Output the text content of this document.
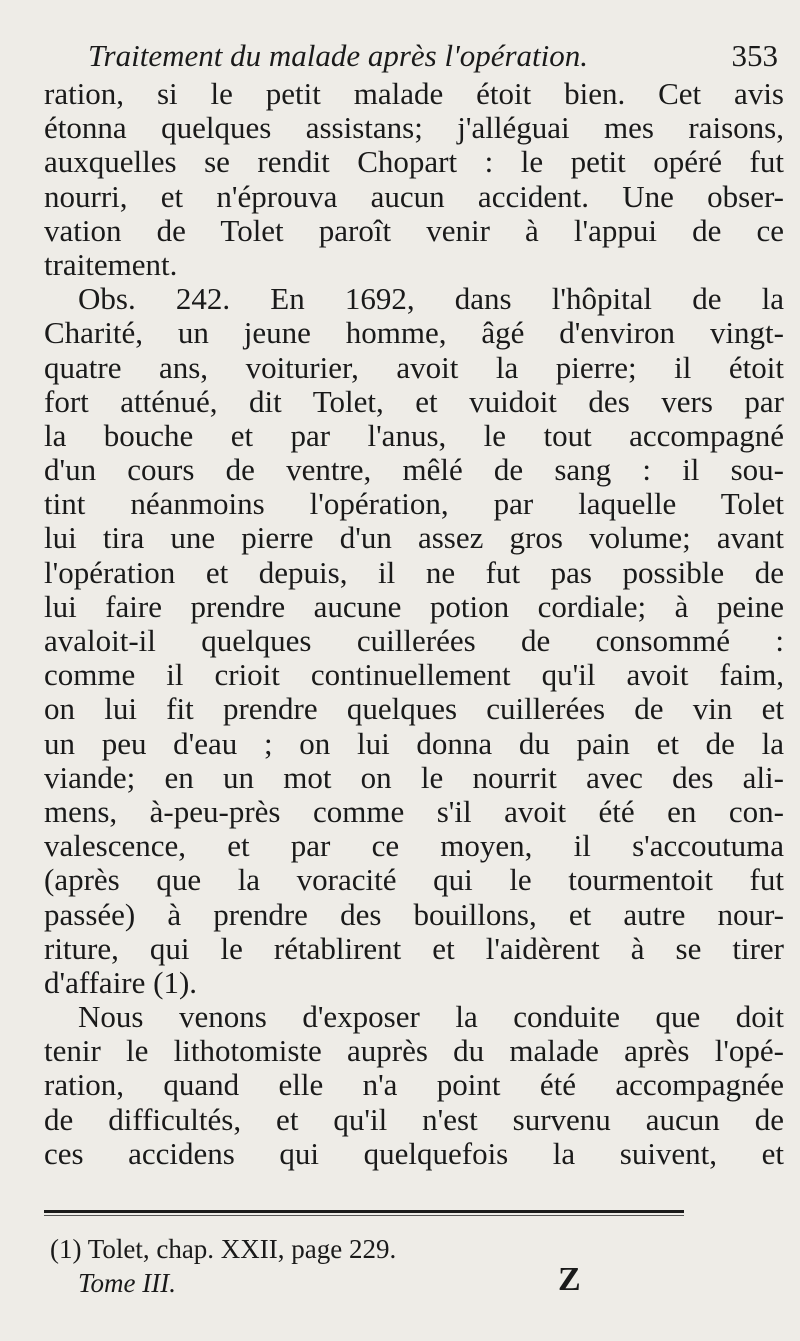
Traitement du malade après l'opération.	353
ration, si le petit malade étoit bien. Cet avis
étonna quelques assistans; j'alléguai mes raisons,
auxquelles se rendit Chopart : le petit opéré fut
nourri, et n'éprouva aucun accident. Une obser-
vation de Tolet paroît venir à l'appui de ce
traitement.
Obs. 242. En 1692, dans l'hôpital de la
Charité, un jeune homme, âgé d'environ vingt-
quatre ans, voiturier, avoit la pierre; il étoit
fort atténué, dit Tolet, et vuidoit des vers par
la bouche et par l'anus, le tout accompagné
d'un cours de ventre, mêlé de sang : il sou-
tint néanmoins l'opération, par laquelle Tolet
lui tira une pierre d'un assez gros volume; avant
l'opération et depuis, il ne fut pas possible de
lui faire prendre aucune potion cordiale; à peine
avaloit-il quelques cuillerées de consommé :
comme il crioit continuellement qu'il avoit faim,
on lui fit prendre quelques cuillerées de vin et
un peu d'eau ; on lui donna du pain et de la
viande; en un mot on le nourrit avec des ali-
mens, à-peu-près comme s'il avoit été en con-
valescence, et par ce moyen, il s'accoutuma
(après que la voracité qui le tourmentoit fut
passée) à prendre des bouillons, et autre nour-
riture, qui le rétablirent et l'aidèrent à se tirer
d'affaire (1).
Nous venons d'exposer la conduite que doit
tenir le lithotomiste auprès du malade après l'opé-
ration, quand elle n'a point été accompagnée
de difficultés, et qu'il n'est survenu aucun de
ces accidens qui quelquefois la suivent, et
(1) Tolet, chap. XXII, page 229.
Tome III.	Z
